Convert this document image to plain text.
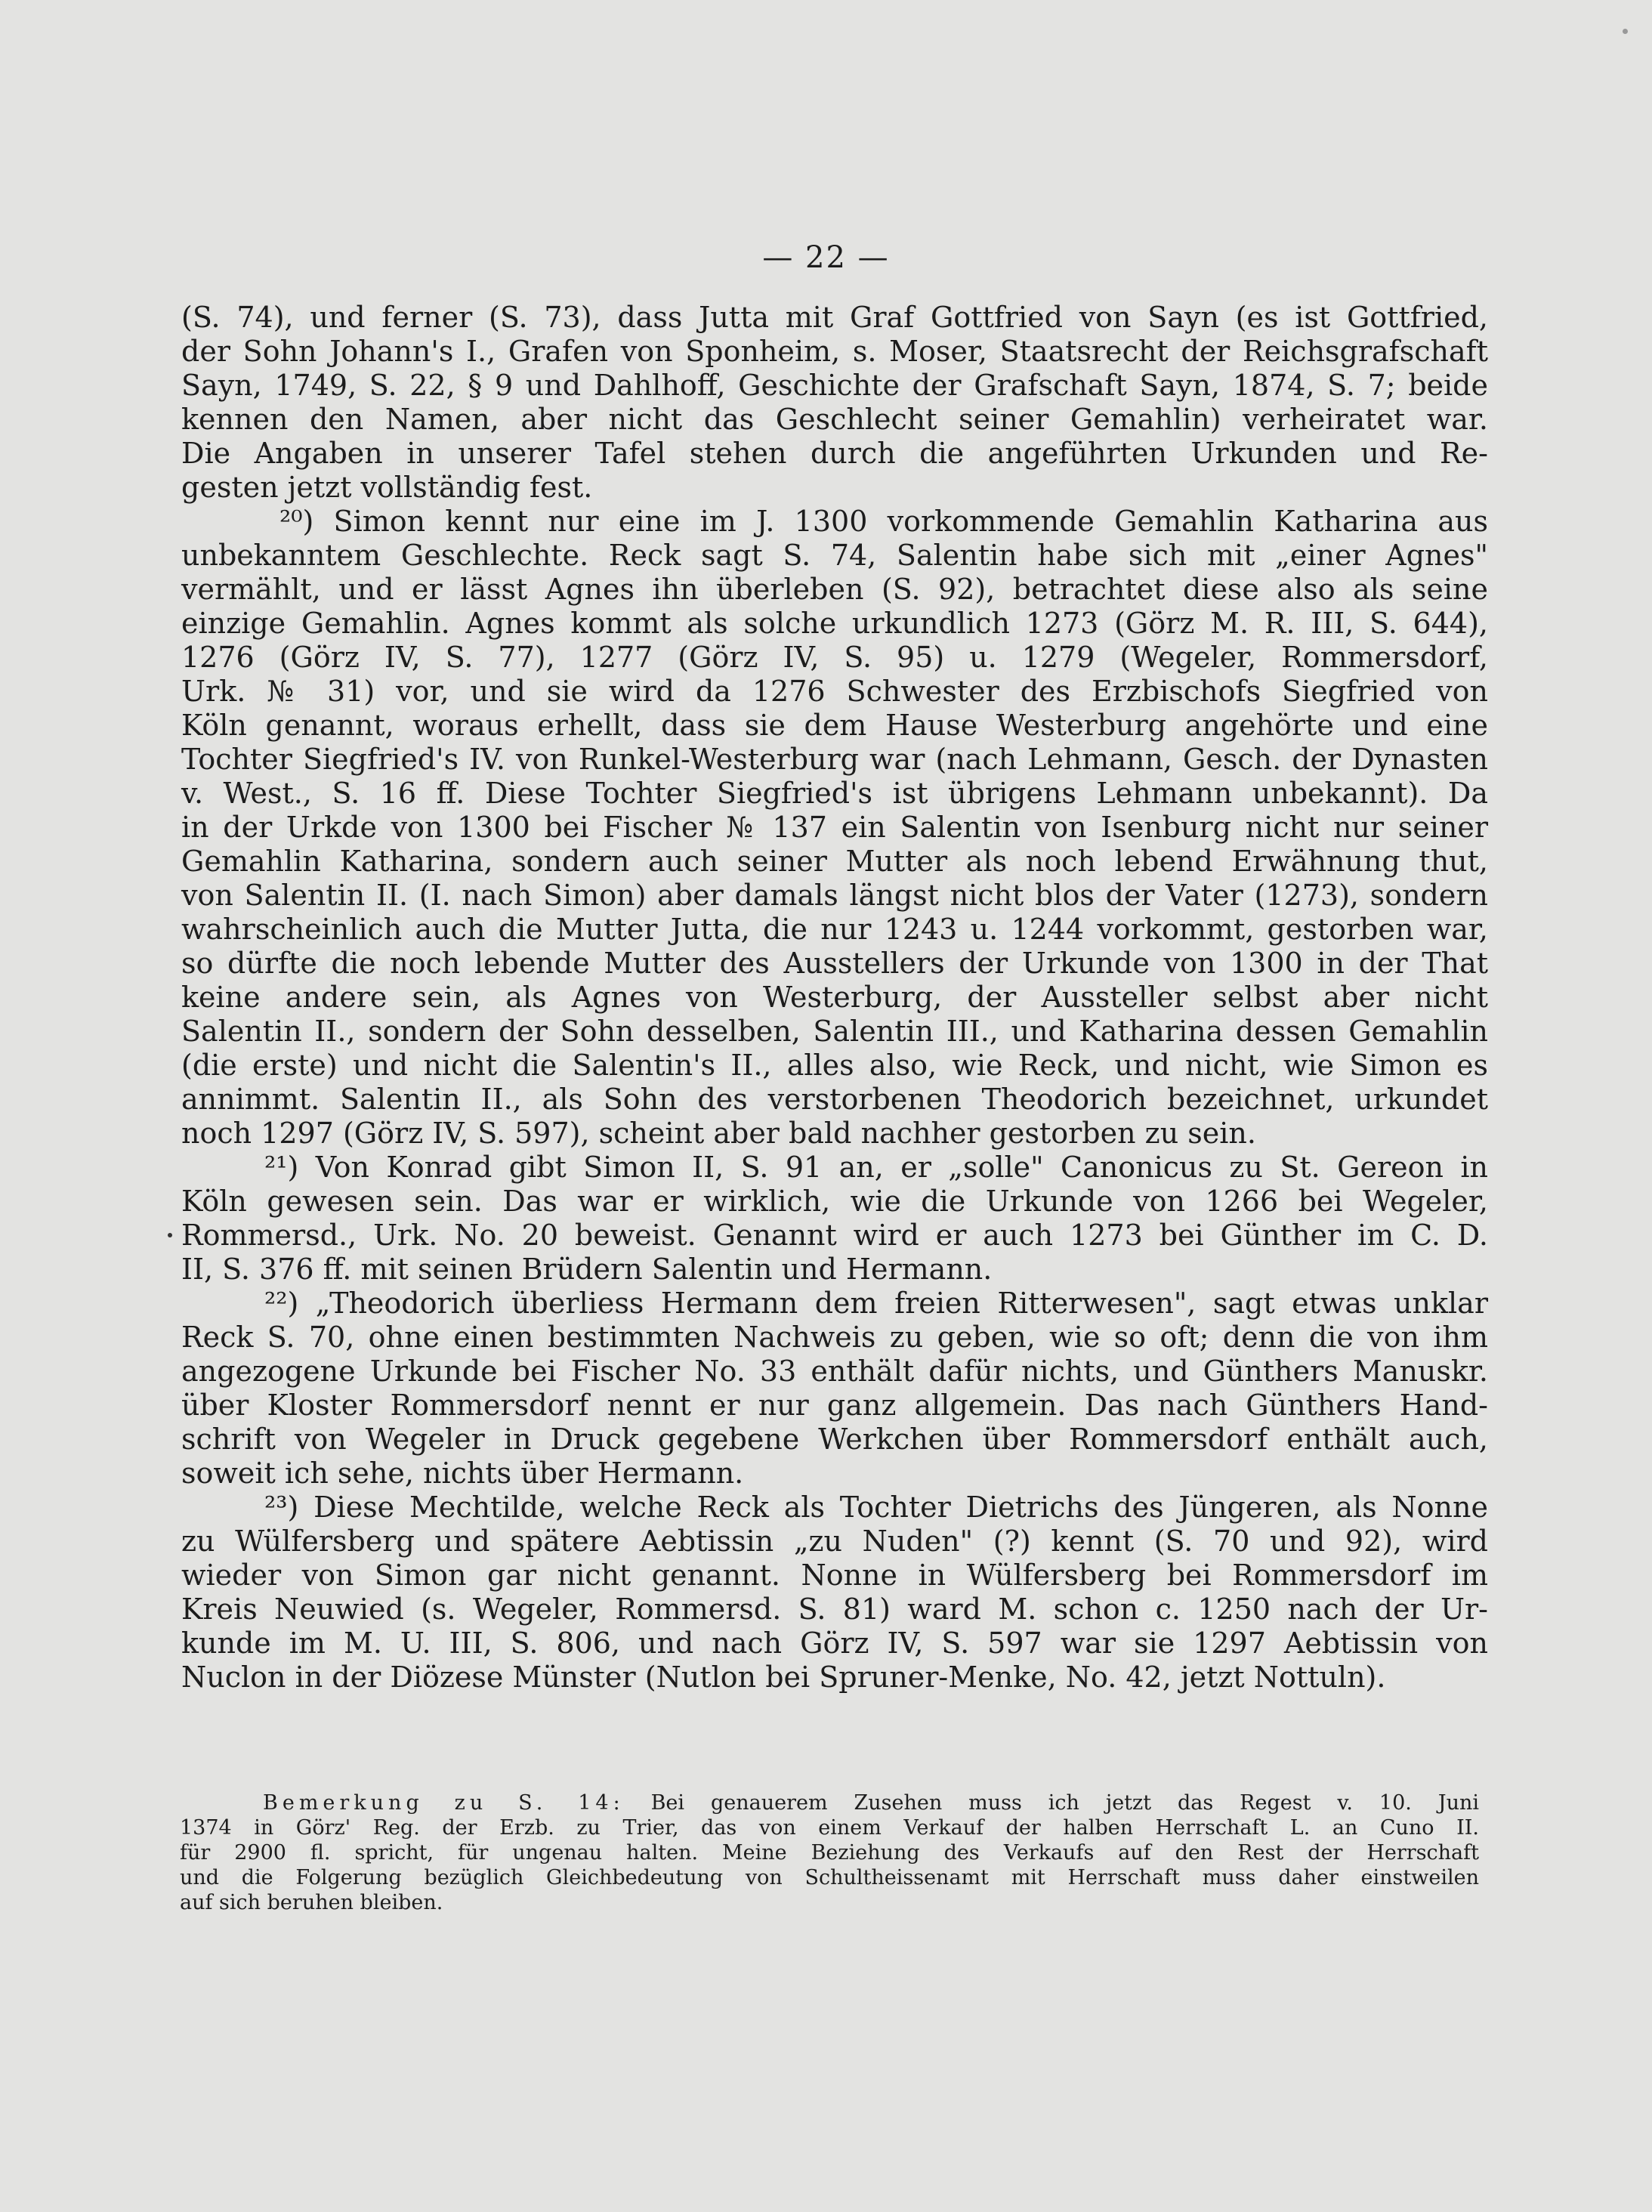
— 22 —

(S. 74), und ferner (S. 73), dass Jutta mit Graf Gottfried von Sayn (es ist Gottfried,
der Sohn Johann's I., Grafen von Sponheim, s. Moser, Staatsrecht der Reichsgrafschaft
Sayn, 1749, S. 22, § 9 und Dahlhoff, Geschichte der Grafschaft Sayn, 1874, S. 7; beide
kennen den Namen, aber nicht das Geschlecht seiner Gemahlin) verheiratet war.
Die Angaben in unserer Tafel stehen durch die angeführten Urkunden und Re-
gesten jetzt vollständig fest.

²⁰) Simon kennt nur eine im J. 1300 vorkommende Gemahlin Katharina aus
unbekanntem Geschlechte. Reck sagt S. 74, Salentin habe sich mit „einer Agnes"
vermählt, und er lässt Agnes ihn überleben (S. 92), betrachtet diese also als seine
einzige Gemahlin. Agnes kommt als solche urkundlich 1273 (Görz M. R. III, S. 644),
1276 (Görz IV, S. 77), 1277 (Görz IV, S. 95) u. 1279 (Wegeler, Rommersdorf,
Urk. № 31) vor, und sie wird da 1276 Schwester des Erzbischofs Siegfried von
Köln genannt, woraus erhellt, dass sie dem Hause Westerburg angehörte und eine
Tochter Siegfried's IV. von Runkel-Westerburg war (nach Lehmann, Gesch. der Dynasten
v. West., S. 16 ff. Diese Tochter Siegfried's ist übrigens Lehmann unbekannt). Da
in der Urkde von 1300 bei Fischer № 137 ein Salentin von Isenburg nicht nur seiner
Gemahlin Katharina, sondern auch seiner Mutter als noch lebend Erwähnung thut,
von Salentin II. (I. nach Simon) aber damals längst nicht blos der Vater (1273), sondern
wahrscheinlich auch die Mutter Jutta, die nur 1243 u. 1244 vorkommt, gestorben war,
so dürfte die noch lebende Mutter des Ausstellers der Urkunde von 1300 in der That
keine andere sein, als Agnes von Westerburg, der Aussteller selbst aber nicht
Salentin II., sondern der Sohn desselben, Salentin III., und Katharina dessen Gemahlin
(die erste) und nicht die Salentin's II., alles also, wie Reck, und nicht, wie Simon es
annimmt. Salentin II., als Sohn des verstorbenen Theodorich bezeichnet, urkundet
noch 1297 (Görz IV, S. 597), scheint aber bald nachher gestorben zu sein.

²¹) Von Konrad gibt Simon II, S. 91 an, er „solle" Canonicus zu St. Gereon in
Köln gewesen sein. Das war er wirklich, wie die Urkunde von 1266 bei Wegeler,
Rommersd., Urk. No. 20 beweist. Genannt wird er auch 1273 bei Günther im C. D.
II, S. 376 ff. mit seinen Brüdern Salentin und Hermann.

²²) „Theodorich überliess Hermann dem freien Ritterwesen", sagt etwas unklar
Reck S. 70, ohne einen bestimmten Nachweis zu geben, wie so oft; denn die von ihm
angezogene Urkunde bei Fischer No. 33 enthält dafür nichts, und Günthers Manuskr.
über Kloster Rommersdorf nennt er nur ganz allgemein. Das nach Günthers Hand-
schrift von Wegeler in Druck gegebene Werkchen über Rommersdorf enthält auch,
soweit ich sehe, nichts über Hermann.

²³) Diese Mechtilde, welche Reck als Tochter Dietrichs des Jüngeren, als Nonne
zu Wülfersberg und spätere Aebtissin „zu Nuden" (?) kennt (S. 70 und 92), wird
wieder von Simon gar nicht genannt. Nonne in Wülfersberg bei Rommersdorf im
Kreis Neuwied (s. Wegeler, Rommersd. S. 81) ward M. schon c. 1250 nach der Ur-
kunde im M. U. III, S. 806, und nach Görz IV, S. 597 war sie 1297 Aebtissin von
Nuclon in der Diözese Münster (Nutlon bei Spruner-Menke, No. 42, jetzt Nottuln).

Bemerkung zu S. 14: Bei genauerem Zusehen muss ich jetzt das Regest v. 10. Juni
1374 in Görz' Reg. der Erzb. zu Trier, das von einem Verkauf der halben Herrschaft L. an Cuno II.
für 2900 fl. spricht, für ungenau halten. Meine Beziehung des Verkaufs auf den Rest der Herrschaft
und die Folgerung bezüglich Gleichbedeutung von Schultheissenamt mit Herrschaft muss daher einstweilen
auf sich beruhen bleiben.
